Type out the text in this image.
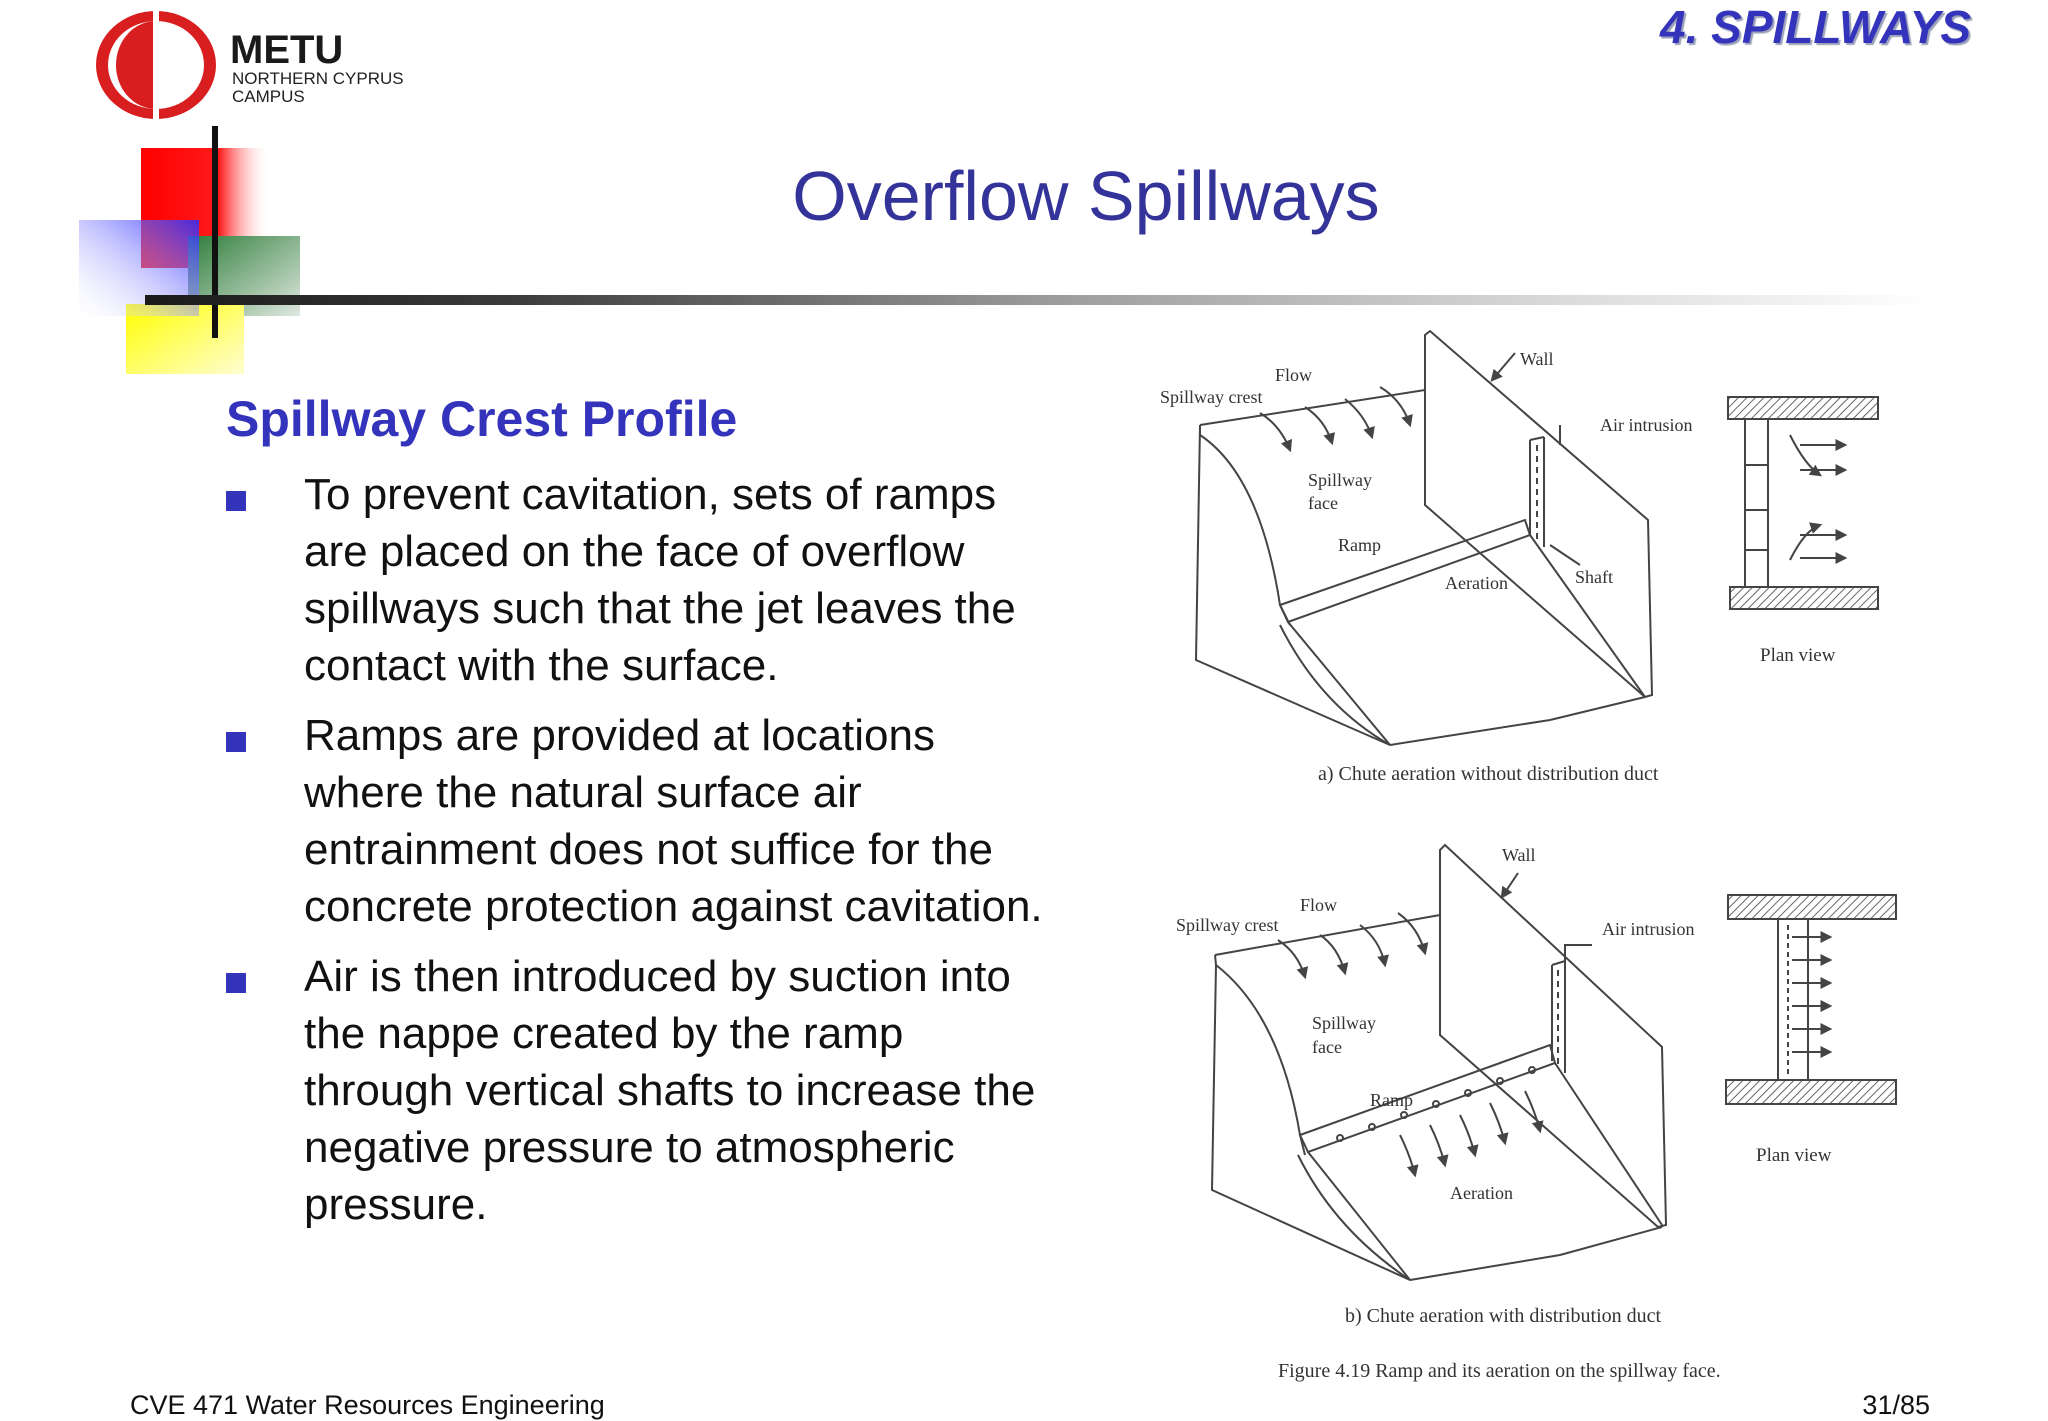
METU
NORTHERN CYPRUS
CAMPUS
4. SPILLWAYS
Overflow Spillways
Spillway Crest Profile
To prevent cavitation, sets of ramps
are placed on the face of overflow
spillways such that the jet leaves the
contact with the surface.
Ramps are provided at locations
where the natural surface air
entrainment does not suffice for the
concrete protection against cavitation.
Air is then introduced by suction into
the nappe created by the ramp
through vertical shafts to increase the
negative pressure to atmospheric
pressure.
Spillway crest
Flow
Wall
Air intrusion
Spillway
face
Ramp
Aeration	Shaft
Plan view
a) Chute aeration without distribution duct
Spillway crest
Flow
Wall
Air intrusion
Spillway
face
Ramp
Aeration
Plan view
b) Chute aeration with distribution duct
Figure 4.19 Ramp and its aeration on the spillway face.
CVE 471 Water Resources Engineering	31/85
